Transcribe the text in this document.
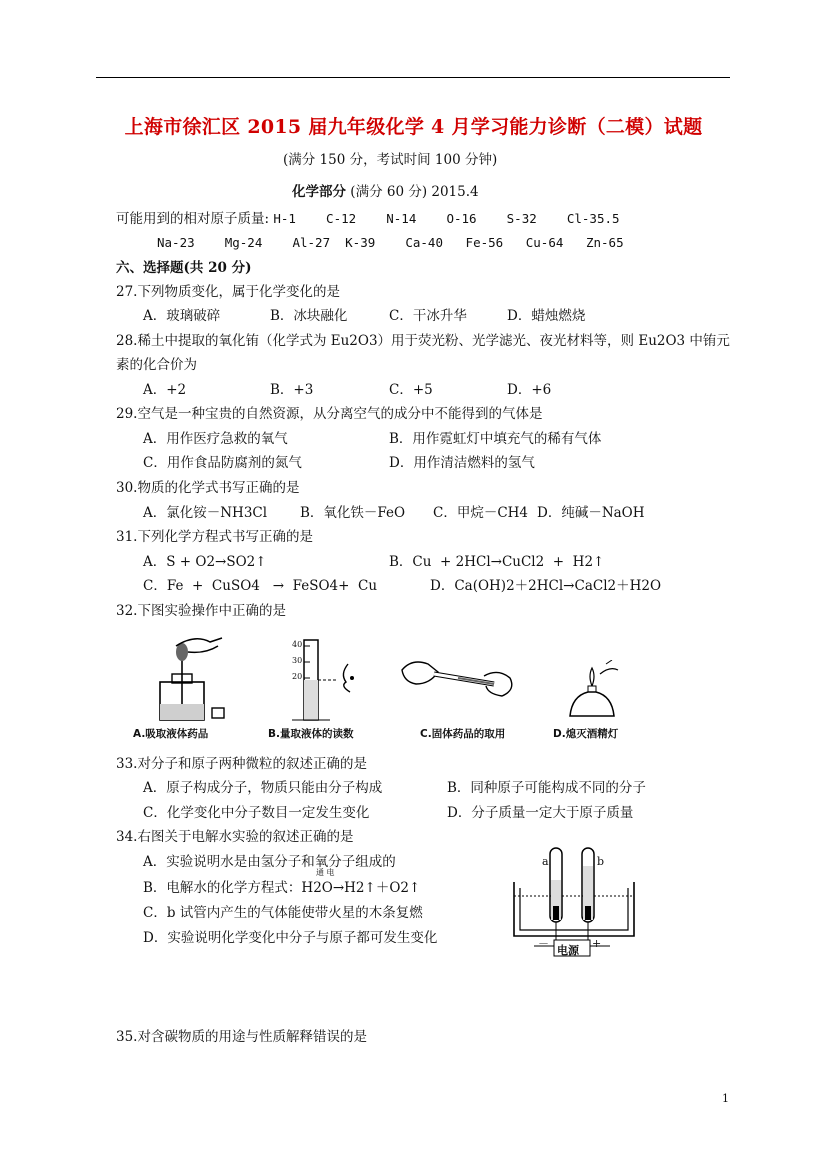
上海市徐汇区 2015 届九年级化学 4 月学习能力诊断（二模）试题
(满分 150 分，考试时间 100 分钟)
化学部分 (满分 60 分) 2015.4
可能用到的相对原子质量: H-1    C-12    N-14    O-16    S-32    Cl-35.5
Na-23    Mg-24    Al-27  K-39    Ca-40   Fe-56   Cu-64   Zn-65
六、选择题(共 20 分)
27.下列物质变化，属于化学变化的是
A．玻璃破碎	B．冰块融化	C．干冰升华	D．蜡烛燃烧
28.稀土中提取的氧化铕（化学式为 Eu2O3）用于荧光粉、光学滤光、夜光材料等，则 Eu2O3 中铕元
素的化合价为
A．+2	B．+3	C．+5	D．+6
29.空气是一种宝贵的自然资源，从分离空气的成分中不能得到的气体是
A．用作医疗急救的氧气	B．用作霓虹灯中填充气的稀有气体
C．用作食品防腐剂的氮气	D．用作清洁燃料的氢气
30.物质的化学式书写正确的是
A．氯化铵－NH3Cl B．氧化铁－FeO C．甲烷－CH4 D．纯碱－NaOH
31.下列化学方程式书写正确的是
A．S + O2→SO2↑	B．Cu  + 2HCl→CuCl2  +  H2↑
C．Fe  +  CuSO4   →  FeSO4+  Cu	D．Ca(OH)2＋2HCl→CaCl2＋H2O
32.下图实验操作中正确的是
A.吸取液体药品
40
30
20
B.量取液体的读数	C.固体药品的取用	D.熄灭酒精灯
33.对分子和原子两种微粒的叙述正确的是
A．原子构成分子，物质只能由分子构成	B．同种原子可能构成不同的分子
C．化学变化中分子数目一定发生变化	D．分子质量一定大于原子质量
34.右图关于电解水实验的叙述正确的是
A．实验说明水是由氢分子和氧分子组成的
B．电解水的化学方程式：H2O→H2↑＋O2↑
通 电
C．b 试管内产生的气体能使带火星的木条复燃
D．实验说明化学变化中分子与原子都可发生变化
a	b
电源
－	+
35.对含碳物质的用途与性质解释错误的是
1
